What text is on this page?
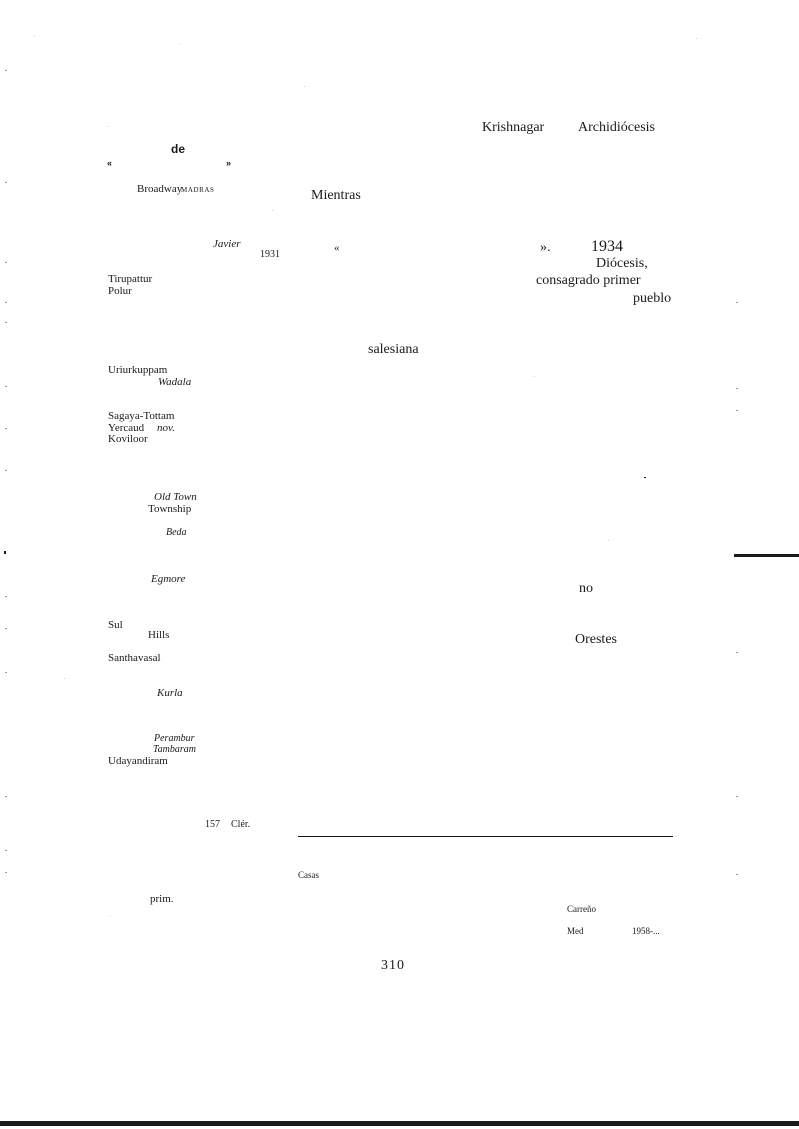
de
«	»
Broadway
MADRAS
Javier
1931
Tirupattur
Polur
Uriurkuppam
Wadala
Sagaya-Tottam
Yercaud nov.
Koviloor
Old Town
Township
Beda
Egmore
Sul
Hills
Santhavasal
Kurla
Perambur
Tambaram
Udayandiram
157 Clér.
prim.
Krishnagar Archidiócesis
Mientras
«	».	1934
Diócesis,
consagrado primer
pueblo
salesiana
no
Orestes
Casas
Carreño
Med	1958-...
310
